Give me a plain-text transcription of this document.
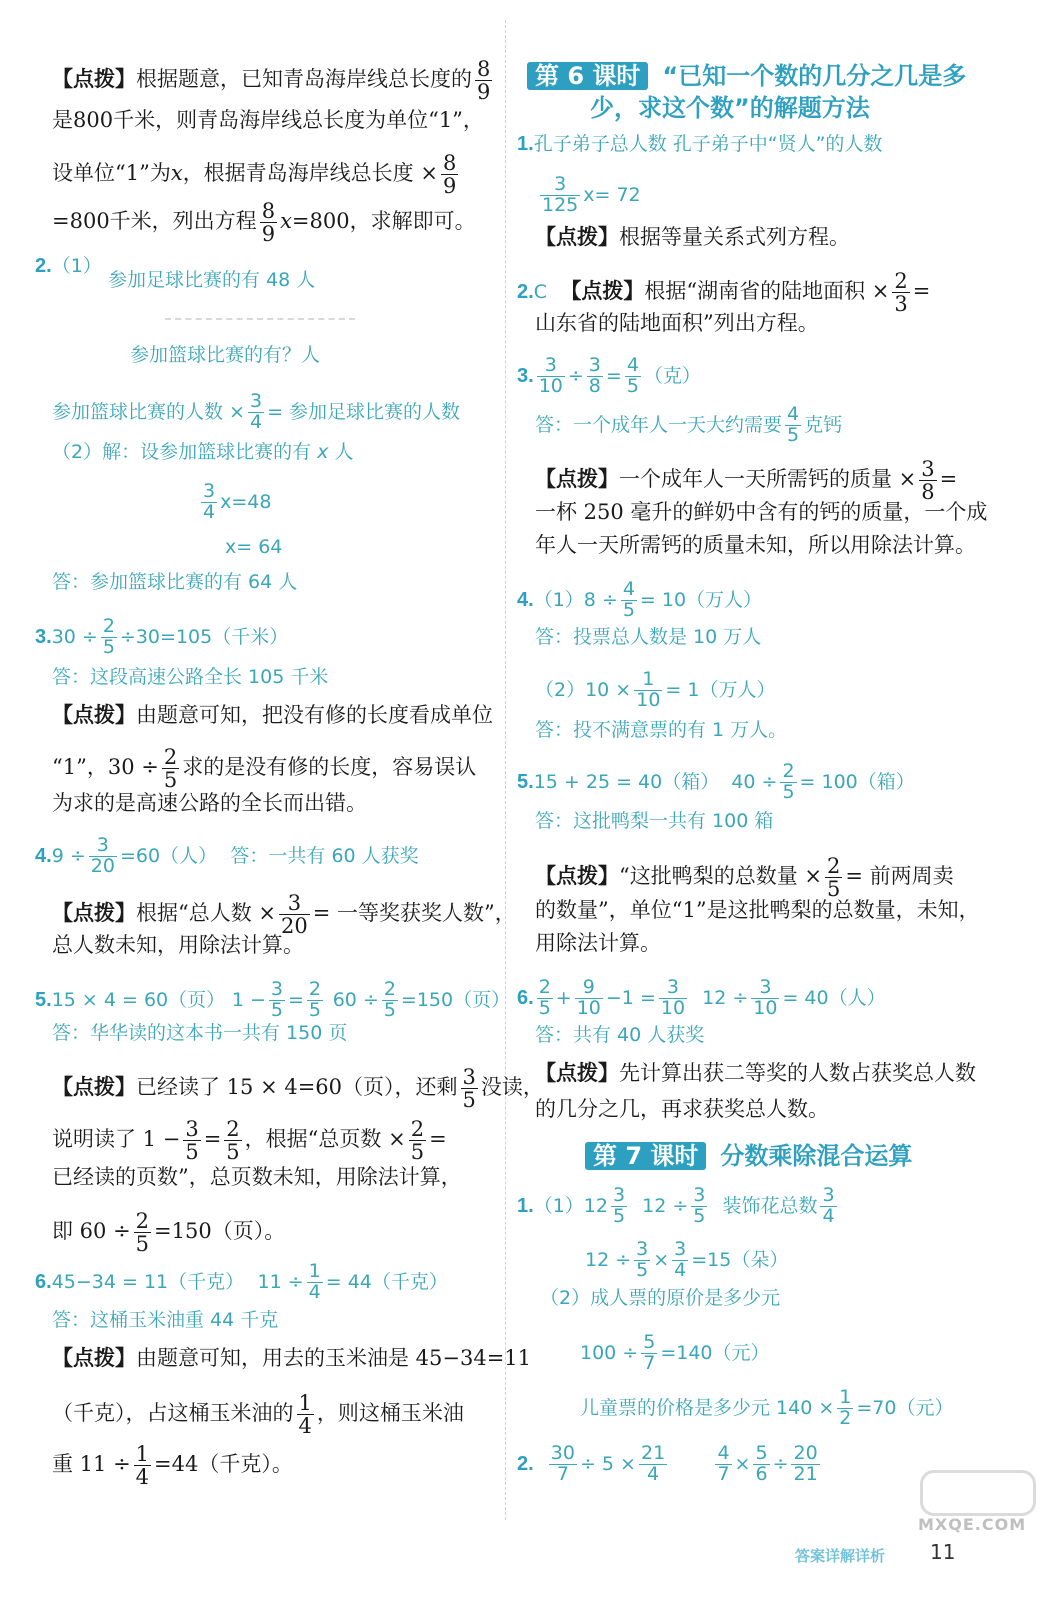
【点拨】根据题意，已知青岛海岸线总长度的 $\frac{8}{9}$
是800千米，则青岛海岸线总长度为单位“1”，
设单位“1”为x，根据青岛海岸线总长度 × $\frac{8}{9}$
=800千米，列出方程 $\frac{8}{9} x=800$，求解即可。
2.（1）
参加足球比赛的有 48 人
参加篮球比赛的有？人
参加篮球比赛的人数 × $\frac{3}{4}$ = 参加足球比赛的人数
（2）解：设参加篮球比赛的有 x 人
$\frac{3}{4} x=48$
x= 64
答：参加篮球比赛的有 64 人
$3.30 \div \frac{2}{5} \div 30=105$（千米）
答：这段高速公路全长 105 千米
【点拨】由题意可知，把没有修的长度看成单位
“1”，$30 \div \frac{2}{5}$ 求的是没有修的长度，容易误认
为求的是高速公路的全长而出错。
$4.9 \div \frac{3}{20} =60$（人） 答：一共有 60 人获奖
【点拨】根据“总人数 × $\frac{3}{20}$ = 一等奖获奖人数”，
总人数未知，用除法计算。
5.15 × 4 = 60（页） $1 - \frac{3}{5} = \frac{2}{5} 60 \div \frac{2}{5} =150$（页）
答：华华读的这本书一共有 150 页
【点拨】已经读了 15 × 4=60（页），还剩 $\frac{3}{5}$ 没读，
说明读了 $1 - \frac{3}{5} = \frac{2}{5}$ ，根据“总页数 × $\frac{2}{5}$ =
已经读的页数”，总页数未知，用除法计算，
即 $60 \div \frac{2}{5} =150$（页）。
6.45−34 = 11（千克） $11 \div \frac{1}{4} = 44$（千克）
答：这桶玉米油重 44 千克
【点拨】由题意可知，用去的玉米油是 45−34=11
（千克），占这桶玉米油的 $\frac{1}{4}$ ，则这桶玉米油
重 $11 \div \frac{1}{4} =44$（千克）。
第 6 课时 “已知一个数的几分之几是多
少，求这个数”的解题方法
1.孔子弟子总人数 孔子弟子中“贤人”的人数
$\frac{3}{125} x= 72$
【点拨】根据等量关系式列方程。
2.C 【点拨】根据“湖南省的陆地面积 × $\frac{2}{3}$ =
山东省的陆地面积”列出方程。
3. $\frac{3}{10} \div \frac{3}{8} = \frac{4}{5}$ （克）
答：一个成年人一天大约需要 $\frac{4}{5}$ 克钙
【点拨】一个成年人一天所需钙的质量 × $\frac{3}{8}$ =
一杯 250 毫升的鲜奶中含有的钙的质量，一个成
年人一天所需钙的质量未知，所以用除法计算。
$4.(1)8 \div \frac{4}{5} = 10$（万人）
答：投票总人数是 10 万人
$(2)10 \times \frac{1}{10} = 1$（万人）
答：投不满意票的有 1 万人。
5.15 + 25 = 40（箱） $40 \div \frac{2}{5} = 100$（箱）
答：这批鸭梨一共有 100 箱
【点拨】“这批鸭梨的总数量 × $\frac{2}{5}$ = 前两周卖
的数量”，单位“1”是这批鸭梨的总数量，未知，
用除法计算。
6. $\frac{2}{5} + \frac{9}{10} -1 = \frac{3}{10} 12 \div \frac{3}{10} = 40$（人）
答：共有 40 人获奖
【点拨】先计算出获二等奖的人数占获奖总人数
的几分之几，再求获奖总人数。
第 7 课时 分数乘除混合运算
$1.(1)12 \frac{3}{5} 12 \div \frac{3}{5}$ 装饰花总数 $\frac{3}{4}$
$12 \div \frac{3}{5} \times \frac{3}{4} =15$（朵）
（2）成人票的原价是多少元
$100 \div \frac{5}{7} =140$（元）
儿童票的价格是多少元 $140 \times \frac{1}{2} =70$（元）
2. $\frac{30}{7} \div 5 \times \frac{21}{4}$
	$\frac{4}{7} \times \frac{5}{6} \div \frac{20}{21}$
MXQE.COM
答案详解详析 11
